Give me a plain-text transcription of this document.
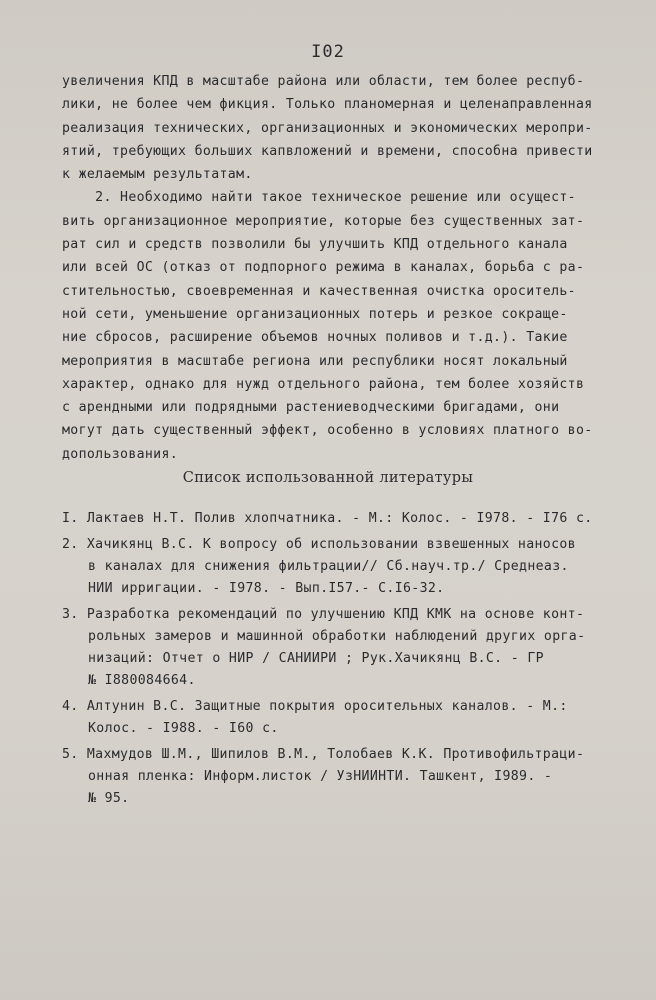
I02
увеличения КПД в масштабе района или области, тем более респуб-
лики, не более чем фикция. Только планомерная и целенаправленная
реализация технических, организационных и экономических меропри-
ятий, требующих больших капвложений и времени, способна привести
к желаемым результатам.
2. Необходимо найти такое техническое решение или осущест-
вить организационное мероприятие, которые без существенных зат-
рат сил и средств позволили бы улучшить КПД отдельного канала
или всей ОС (отказ от подпорного режима в каналах, борьба с ра-
стительностью, своевременная и качественная очистка ороситель-
ной сети, уменьшение организационных потерь и резкое сокраще-
ние сбросов, расширение объемов ночных поливов и т.д.). Такие
мероприятия в масштабе региона или республики носят локальный
характер, однако для нужд отдельного района, тем более хозяйств
с арендными или подрядными растениеводческими бригадами, они
могут дать существенный эффект, особенно в условиях платного во-
допользования.
Список использованной литературы
I. Лактаев Н.Т. Полив хлопчатника. - М.: Колос. - I978. - I76 с.
2. Хачикянц В.С. К вопросу об использовании взвешенных наносов
в каналах для снижения фильтрации// Сб.науч.тр./ Среднеаз.
НИИ ирригации. - I978. - Вып.I57.- С.I6-32.
3. Разработка рекомендаций по улучшению КПД КМК на основе конт-
рольных замеров и машинной обработки наблюдений других орга-
низаций: Отчет о НИР / САНИИРИ ; Рук.Хачикянц В.С. - ГР
№ I880084664.
4. Алтунин В.С. Защитные покрытия оросительных каналов. - М.:
Колос. - I988. - I60 с.
5. Махмудов Ш.М., Шипилов В.М., Толобаев К.К. Противофильтраци-
онная пленка: Информ.листок / УзНИИНТИ. Ташкент, I989. -
№ 95.
